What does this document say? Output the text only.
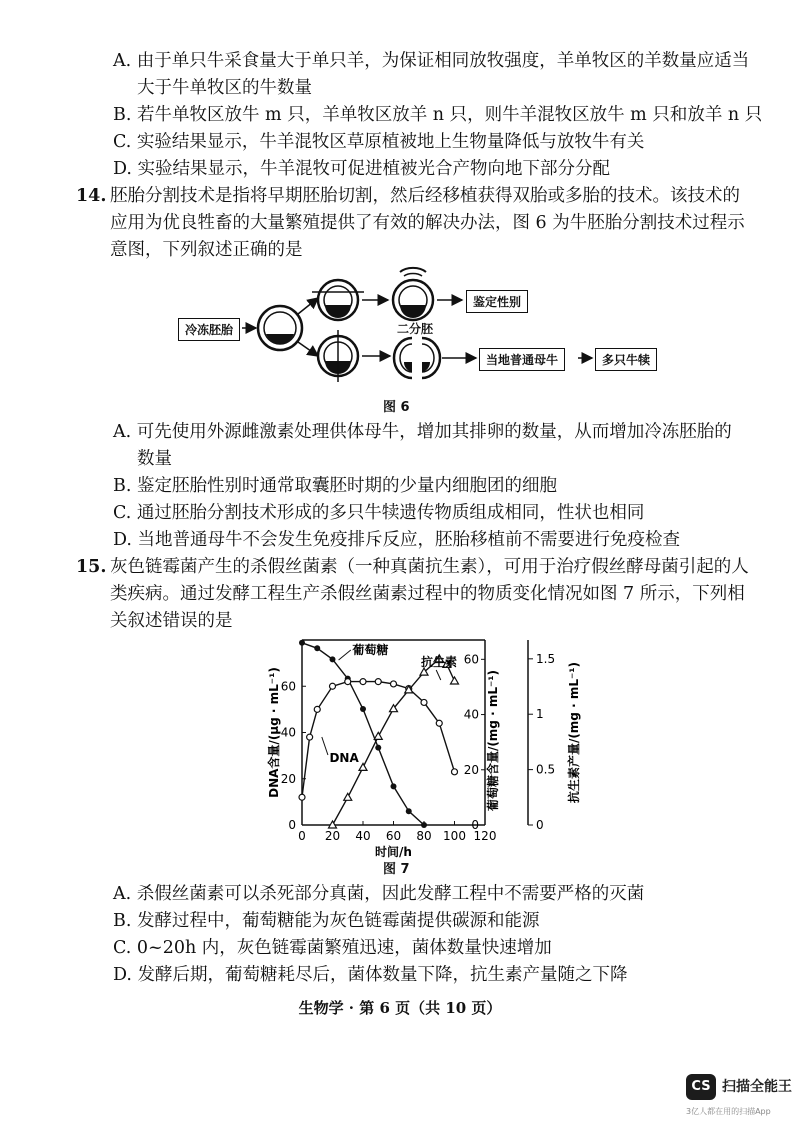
A. 由于单只牛采食量大于单只羊，为保证相同放牧强度，羊单牧区的羊数量应适当
大于牛单牧区的牛数量
B. 若牛单牧区放牛 m 只，羊单牧区放羊 n 只，则牛羊混牧区放牛 m 只和放羊 n 只
C. 实验结果显示，牛羊混牧区草原植被地上生物量降低与放牧牛有关
D. 实验结果显示，牛羊混牧可促进植被光合产物向地下部分分配
14. 胚胎分割技术是指将早期胚胎切割，然后经移植获得双胎或多胎的技术。该技术的
应用为优良牲畜的大量繁殖提供了有效的解决办法，图 6 为牛胚胎分割技术过程示
意图，下列叙述正确的是
冷冻胚胎
鉴定性别
二分胚
当地普通母牛	多只牛犊
图 6
A. 可先使用外源雌激素处理供体母牛，增加其排卵的数量，从而增加冷冻胚胎的
数量
B. 鉴定胚胎性别时通常取囊胚时期的少量内细胞团的细胞
C. 通过胚胎分割技术形成的多只牛犊遗传物质组成相同，性状也相同
D. 当地普通母牛不会发生免疫排斥反应，胚胎移植前不需要进行免疫检查
15. 灰色链霉菌产生的杀假丝菌素（一种真菌抗生素），可用于治疗假丝酵母菌引起的人
类疾病。通过发酵工程生产杀假丝菌素过程中的物质变化情况如图 7 所示，下列相
关叙述错误的是
0 20 40 60 80 100 120
时间/h
0
20
40
60
0
20
40
60
0
0.5
1
1.5
DNA含量/(μg · mL⁻¹)	葡萄糖含量/(mg · mL⁻¹)	抗生素产量/(mg · mL⁻¹)
葡萄糖
DNA
抗生素
图 7
A. 杀假丝菌素可以杀死部分真菌，因此发酵工程中不需要严格的灭菌
B. 发酵过程中，葡萄糖能为灰色链霉菌提供碳源和能源
C. 0~20h 内，灰色链霉菌繁殖迅速，菌体数量快速增加
D. 发酵后期，葡萄糖耗尽后，菌体数量下降，抗生素产量随之下降
生物学 · 第 6 页（共 10 页）
CS 扫描全能王
3亿人都在用的扫描App
